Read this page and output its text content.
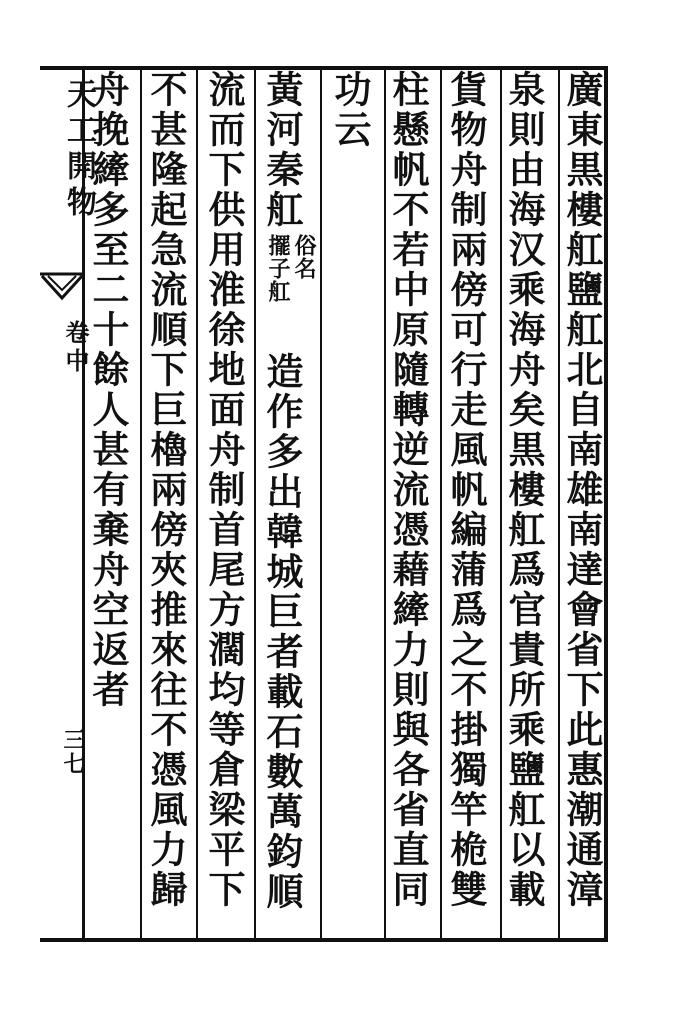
天工開物
卷中
三七	廣東黒樓舡鹽舡北自南雄南達會省下此惠潮通漳
泉則由海汉乘海舟矣黒樓舡爲官貴所乘鹽舡以載
貨物舟制兩傍可行走風帆編蒲爲之不掛獨竿桅雙
柱懸帆不若中原隨轉逆流憑藉縴力則與各省直同
功云
黃河秦舡
俗名
擺子舡
造作多出韓城巨者載石數萬鈞順
流而下供用淮徐地面舟制首尾方濶均等倉梁平下
不甚隆起急流順下巨櫓兩傍夾推來往不憑風力歸
舟挽縴多至二十餘人甚有棄舟空返者
